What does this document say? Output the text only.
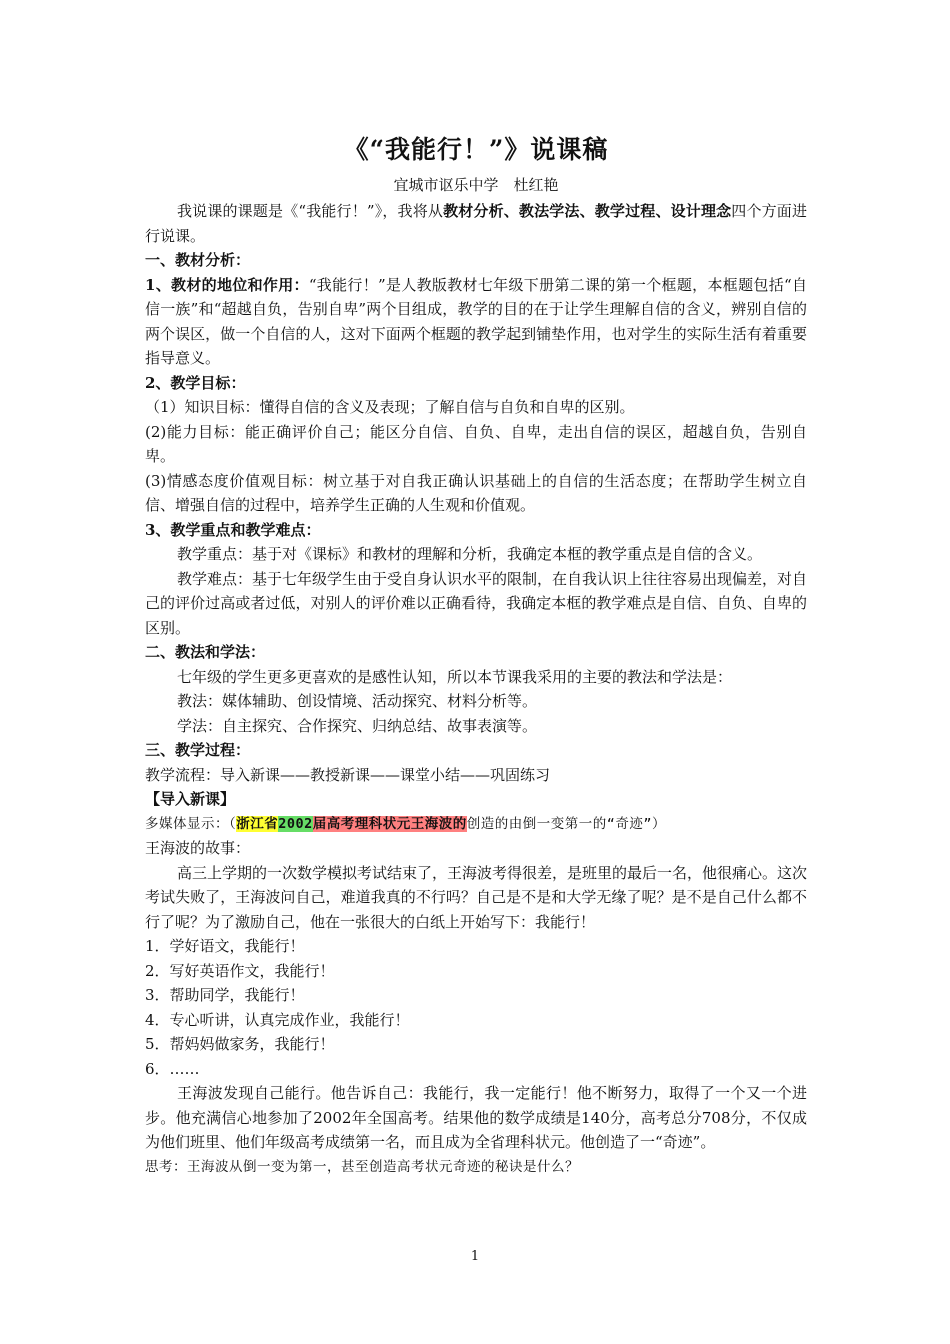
《“我能行！”》说课稿
宜城市讴乐中学　杜红艳

我说课的课题是《“我能行！”》，我将从教材分析、教法学法、教学过程、设计理念四个方面进行说课。

一、教材分析：

1、教材的地位和作用：“我能行！”是人教版教材七年级下册第二课的第一个框题，本框题包括“自信一族”和“超越自负，告别自卑”两个目组成，教学的目的在于让学生理解自信的含义，辨别自信的两个误区，做一个自信的人，这对下面两个框题的教学起到铺垫作用，也对学生的实际生活有着重要指导意义。

2、教学目标：

（1）知识目标：懂得自信的含义及表现；了解自信与自负和自卑的区别。

(2)能力目标：能正确评价自己；能区分自信、自负、自卑，走出自信的误区，超越自负，告别自卑。

(3)情感态度价值观目标：树立基于对自我正确认识基础上的自信的生活态度；在帮助学生树立自信、增强自信的过程中，培养学生正确的人生观和价值观。

3、教学重点和教学难点：

教学重点：基于对《课标》和教材的理解和分析，我确定本框的教学重点是自信的含义。

教学难点：基于七年级学生由于受自身认识水平的限制，在自我认识上往往容易出现偏差，对自己的评价过高或者过低，对别人的评价难以正确看待，我确定本框的教学难点是自信、自负、自卑的区别。

二、教法和学法：

七年级的学生更多更喜欢的是感性认知，所以本节课我采用的主要的教法和学法是：

教法：媒体辅助、创设情境、活动探究、材料分析等。

学法：自主探究、合作探究、归纳总结、故事表演等。

三、教学过程：

教学流程：导入新课——教授新课——课堂小结——巩固练习

【导入新课】

多媒体显示：（浙江省2002届高考理科状元王海波的创造的由倒一变第一的“奇迹”）

王海波的故事：

高三上学期的一次数学模拟考试结束了，王海波考得很差，是班里的最后一名，他很痛心。这次考试失败了，王海波问自己，难道我真的不行吗？自己是不是和大学无缘了呢？是不是自己什么都不行了呢？为了激励自己，他在一张很大的白纸上开始写下：我能行！

1．学好语文，我能行！

2．写好英语作文，我能行！

3．帮助同学，我能行！

4．专心听讲，认真完成作业，我能行！

5．帮妈妈做家务，我能行！

6．……

王海波发现自己能行。他告诉自己：我能行，我一定能行！他不断努力，取得了一个又一个进步。他充满信心地参加了2002年全国高考。结果他的数学成绩是140分，高考总分708分，不仅成为他们班里、他们年级高考成绩第一名，而且成为全省理科状元。他创造了一“奇迹”。

思考：王海波从倒一变为第一，甚至创造高考状元奇迹的秘诀是什么？

1
